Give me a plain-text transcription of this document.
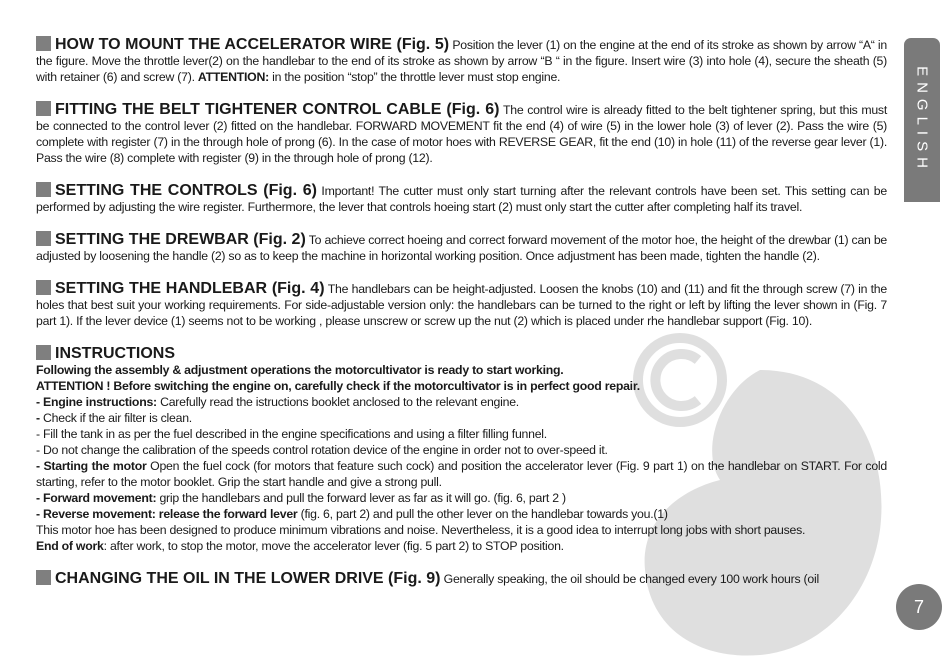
ENGLISH
7
HOW TO MOUNT THE ACCELERATOR WIRE (Fig. 5) Position the lever (1) on the engine at the end of its stroke as shown by arrow “A“ in the figure. Move the throttle lever(2) on the handlebar to the end of its stroke as shown by arrow “B “ in the figure. Insert wire (3) into hole (4), secure the sheath (5) with retainer (6) and screw (7). ATTENTION: in the position “stop” the throttle lever must stop engine.
FITTING THE BELT TIGHTENER CONTROL CABLE (Fig. 6) The control wire is already fitted to the belt tightener spring, but this must be connected to the control lever (2) fitted on the handlebar. FORWARD MOVEMENT fit the end (4) of wire (5) in the lower hole (3) of lever (2). Pass the wire (5) complete with register (7) in the through hole of prong (6). In the case of motor hoes with REVERSE GEAR, fit the end (10) in hole (11) of the reverse gear lever (1). Pass the wire (8) complete with register (9) in the through hole of prong (12).
SETTING THE CONTROLS (Fig. 6) Important! The cutter must only start turning after the relevant controls have been set. This setting can be performed by adjusting the wire register. Furthermore, the lever that controls hoeing start (2) must only start the cutter after completing half its travel.
SETTING THE DREWBAR (Fig. 2) To achieve correct hoeing and correct forward movement of the motor hoe, the height of the drewbar (1) can be adjusted by loosening the handle (2) so as to keep the machine in horizontal working position. Once adjustment has been made, tighten the handle (2).
SETTING THE HANDLEBAR (Fig. 4) The handlebars can be height-adjusted. Loosen the knobs (10) and (11) and fit the through screw (7) in the holes that best suit your working requirements. For side-adjustable version only: the handlebars can be turned to the right or left by lifting the lever shown in (Fig. 7 part 1). If the lever device (1) seems not to be working , please unscrew or screw up the nut (2) which is placed under rhe handlebar support (Fig. 10).
INSTRUCTIONS
Following the assembly & adjustment operations the motorcultivator is ready to start working.
ATTENTION ! Before switching the engine on, carefully check if the motorcultivator is in perfect good repair.
- Engine instructions: Carefully read the istructions booklet anclosed to the relevant engine.
- Check if the air filter is clean.
- Fill the tank in as per the fuel described in the engine specifications and using a filter filling funnel.
- Do not change the calibration of the speeds control rotation device of the engine in order not to over-speed it.
- Starting the motor Open the fuel cock (for motors that feature such cock) and position the accelerator lever (Fig. 9 part 1) on the handlebar on START. For cold starting, refer to the motor booklet. Grip the start handle and give a strong pull.
- Forward movement: grip the handlebars and pull the forward lever as far as it will go. (fig. 6, part 2 )
- Reverse movement: release the forward lever (fig. 6, part 2) and pull the other lever on the handlebar towards you.(1)
This motor hoe has been designed to produce minimum vibrations and noise. Nevertheless, it is a good idea to interrupt long jobs with short pauses.
End of work: after work, to stop the motor, move the accelerator lever (fig. 5 part 2) to STOP position.
CHANGING THE OIL IN THE LOWER DRIVE (Fig. 9) Generally speaking, the oil should be changed every 100 work hours (oil
